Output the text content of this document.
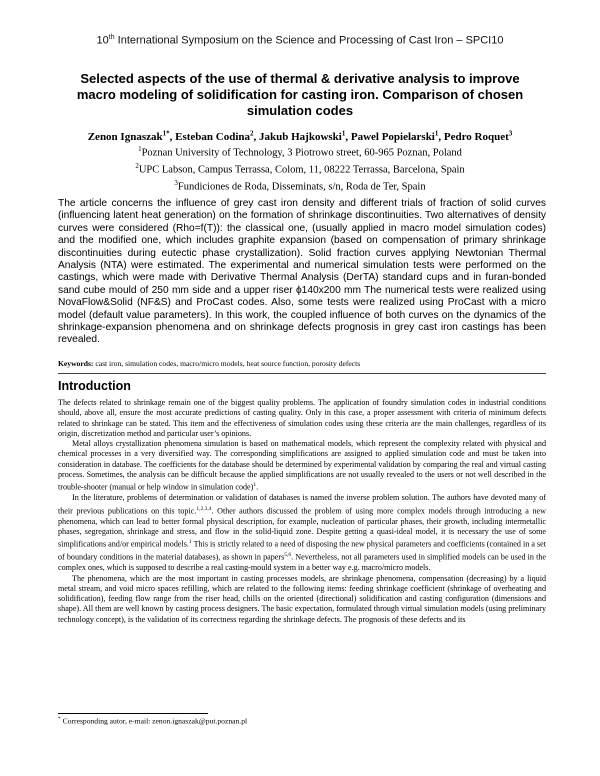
10th International Symposium on the Science and Processing of Cast Iron – SPCI10
Selected aspects of the use of thermal & derivative analysis to improve macro modeling of solidification for casting iron. Comparison of chosen simulation codes
Zenon Ignaszak$^{1*}$, Esteban Codina$^2$, Jakub Hajkowski$^1$, Pawel Popielarski$^1$, Pedro Roquet$^3$
$^1$Poznan University of Technology, 3 Piotrowo street, 60-965 Poznan, Poland
$^2$UPC Labson, Campus Terrassa, Colom, 11, 08222 Terrassa, Barcelona, Spain
$^3$Fundiciones de Roda, Disseminats, s/n, Roda de Ter, Spain
The article concerns the influence of grey cast iron density and different trials of fraction of solid curves (influencing latent heat generation) on the formation of shrinkage discontinuities. Two alternatives of density curves were considered (Rho=f(T)): the classical one, (usually applied in macro model simulation codes) and the modified one, which includes graphite expansion (based on compensation of primary shrinkage discontinuities during eutectic phase crystallization). Solid fraction curves applying Newtonian Thermal Analysis (NTA) were estimated. The experimental and numerical simulation tests were performed on the castings, which were made with Derivative Thermal Analysis (DerTA) standard cups and in furan-bonded sand cube mould of 250 mm side and a upper riser ϕ140x200 mm The numerical tests were realized using NovaFlow&Solid (NF&S) and ProCast codes. Also, some tests were realized using ProCast with a micro model (default value parameters). In this work, the coupled influence of both curves on the dynamics of the shrinkage-expansion phenomena and on shrinkage defects prognosis in grey cast iron castings has been revealed.
Keywords: cast iron, simulation codes, macro/micro models, heat source function, porosity defects
Introduction

The defects related to shrinkage remain one of the biggest quality problems. The application of foundry simulation codes in industrial conditions should, above all, ensure the most accurate predictions of casting quality. Only in this case, a proper assessment with criteria of minimum defects related to shrinkage can be stated. This item and the effectiveness of simulation codes using these criteria are the main challenges, regardless of its origin, discretization method and particular user’s opinions.

Metal alloys crystallization phenomena simulation is based on mathematical models, which represent the complexity related with physical and chemical processes in a very diversified way. The corresponding simplifications are assigned to applied simulation code and must be taken into consideration in database. The coefficients for the database should be determined by experimental validation by comparing the real and virtual casting process. Sometimes, the analysis can be difficult because the applied simplifications are not usually revealed to the users or not well described in the trouble-shooter (manual or help window in simulation code)$^1$.

In the literature, problems of determination or validation of databases is named the inverse problem solution. The authors have devoted many of their previous publications on this topic.$^{1,2,3,4}$. Other authors discussed the problem of using more complex models through introducing a new phenomena, which can lead to better formal physical description, for example, nucleation of particular phases, their growth, including intermetallic phases, segregation, shrinkage and stress, and flow in the solid-liquid zone. Despite getting a quasi-ideal model, it is necessary the use of some simplifications and/or empirical models.$^1$ This is strictly related to a need of disposing the new physical parameters and coefficients (contained in a set of boundary conditions in the material databases), as shown in papers$^{5,6}$. Nevertheless, not all parameters used in simplified models can be used in the complex ones, which is supposed to describe a real casting-mould system in a better way e.g. macro/micro models.

The phenomena, which are the most important in casting processes models, are shrinkage phenomena, compensation (decreasing) by a liquid metal stream, and void micro spaces refilling, which are related to the following items: feeding shrinkage coefficient (shrinkage of overheating and solidification), feeding flow range from the riser head, chills on the oriented (directional) solidification and casting configuration (dimensions and shape). All them are well known by casting process designers. The basic expectation, formulated through virtual simulation models (using preliminary technology concept), is the validation of its correctness regarding the shrinkage defects. The prognosis of these defects and its

* Corresponding autor, e-mail: zenon.ignaszak@put.poznan.pl
